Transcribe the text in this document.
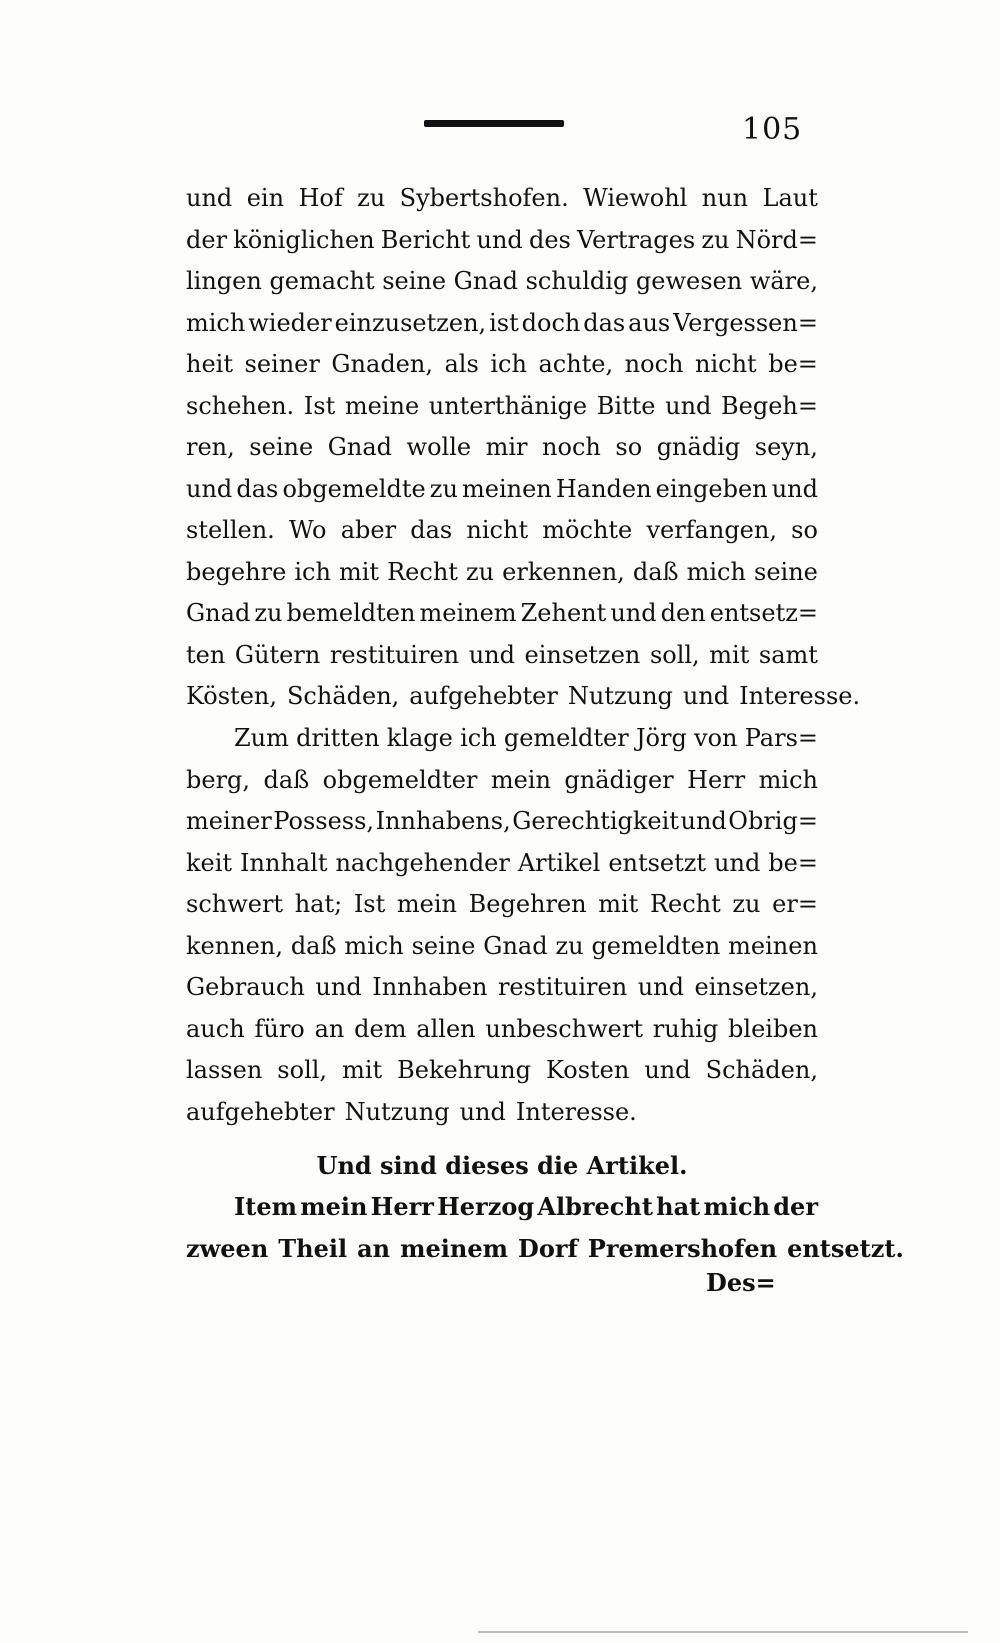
105
und ein Hof zu Sybertshofen. Wiewohl nun Laut
der königlichen Bericht und des Vertrages zu Nörd=
lingen gemacht seine Gnad schuldig gewesen wäre,
mich wieder einzusetzen, ist doch das aus Vergessen=
heit seiner Gnaden, als ich achte, noch nicht be=
schehen. Ist meine unterthänige Bitte und Begeh=
ren, seine Gnad wolle mir noch so gnädig seyn,
und das obgemeldte zu meinen Handen eingeben und
stellen. Wo aber das nicht möchte verfangen, so
begehre ich mit Recht zu erkennen, daß mich seine
Gnad zu bemeldten meinem Zehent und den entsetz=
ten Gütern restituiren und einsetzen soll, mit samt
Kösten, Schäden, aufgehebter Nutzung und Interesse.
Zum dritten klage ich gemeldter Jörg von Pars=
berg, daß obgemeldter mein gnädiger Herr mich
meiner Possess, Innhabens, Gerechtigkeit und Obrig=
keit Innhalt nachgehender Artikel entsetzt und be=
schwert hat; Ist mein Begehren mit Recht zu er=
kennen, daß mich seine Gnad zu gemeldten meinen
Gebrauch und Innhaben restituiren und einsetzen,
auch füro an dem allen unbeschwert ruhig bleiben
lassen soll, mit Bekehrung Kosten und Schäden,
aufgehebter Nutzung und Interesse.
Und sind dieses die Artikel.
Item mein Herr Herzog Albrecht hat mich der
zween Theil an meinem Dorf Premershofen entsetzt.
Des=
